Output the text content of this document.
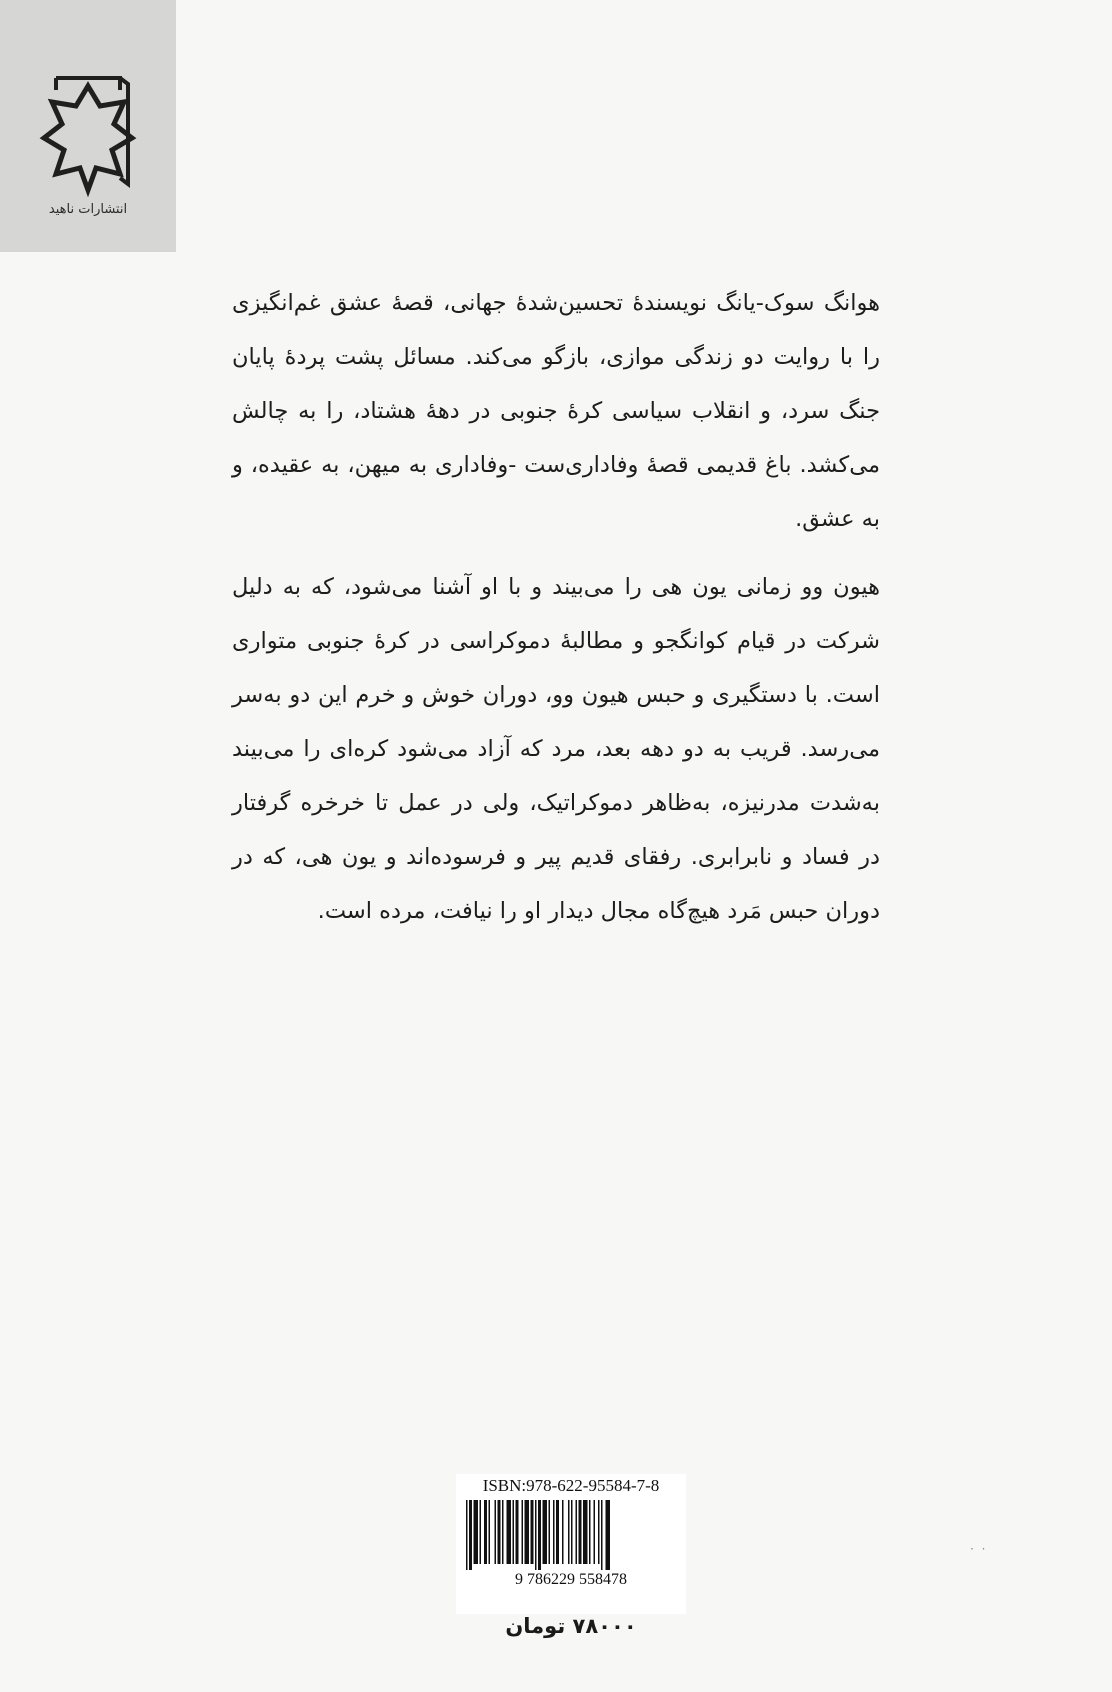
انتشارات ناهید

هوانگ سوک-یانگ نویسندهٔ تحسین‌شدهٔ جهانی، قصهٔ عشق غم‌انگیزی را با روایت دو زندگی موازی، بازگو می‌کند. مسائل پشت پردهٔ پایان جنگ سرد، و انقلاب سیاسی کرهٔ جنوبی در دههٔ هشتاد، را به چالش می‌کشد. باغ قدیمی قصهٔ وفاداری‌ست -وفاداری به میهن، به عقیده، و به عشق.

هیون وو زمانی یون هی را می‌بیند و با او آشنا می‌شود، که به دلیل شرکت در قیام کوانگجو و مطالبهٔ دموکراسی در کرهٔ جنوبی متواری است. با دستگیری و حبس هیون وو، دوران خوش و خرم این دو به‌سر می‌رسد. قریب به دو دهه بعد، مرد که آزاد می‌شود کره‌ای را می‌بیند به‌شدت مدرنیزه، به‌ظاهر دموکراتیک، ولی در عمل تا خرخره گرفتار در فساد و نابرابری. رفقای قدیم پیر و فرسوده‌اند و یون هی، که در دوران حبس مَرد هیچ‌گاه مجال دیدار او را نیافت، مرده است.

ISBN:978-622-95584-7-8
9 786229 558478
۷۸۰۰۰ تومان
· ·
